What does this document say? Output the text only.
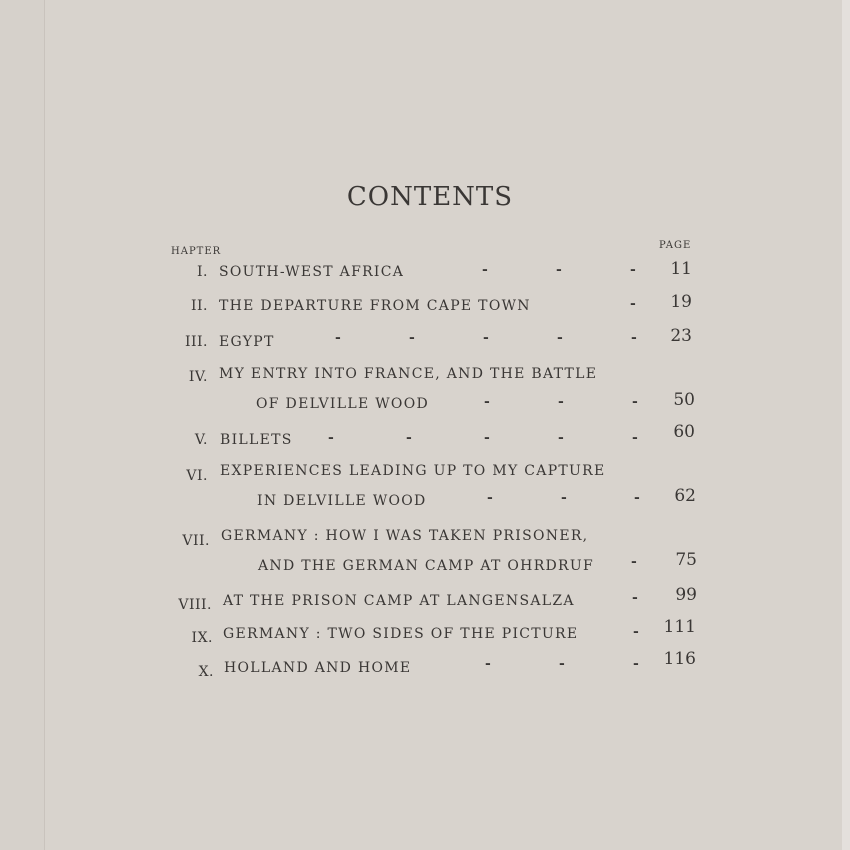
CONTENTS
HAPTER
PAGE
I. SOUTH-WEST AFRICA	-	-	-	11
II. THE DEPARTURE FROM CAPE TOWN	-	19
III. EGYPT	-	-	-	-	-	23
IV. MY ENTRY INTO FRANCE, AND THE BATTLE
OF DELVILLE WOOD	-	-	-	50
V. BILLETS	-	-	-	-	-	60
VI. EXPERIENCES LEADING UP TO MY CAPTURE
IN DELVILLE WOOD	-	-	-	62
VII. GERMANY : HOW I WAS TAKEN PRISONER,
AND THE GERMAN CAMP AT OHRDRUF	-	75
VIII. AT THE PRISON CAMP AT LANGENSALZA	-	99
IX. GERMANY : TWO SIDES OF THE PICTURE	-	111
X. HOLLAND AND HOME	-	-	-	116
